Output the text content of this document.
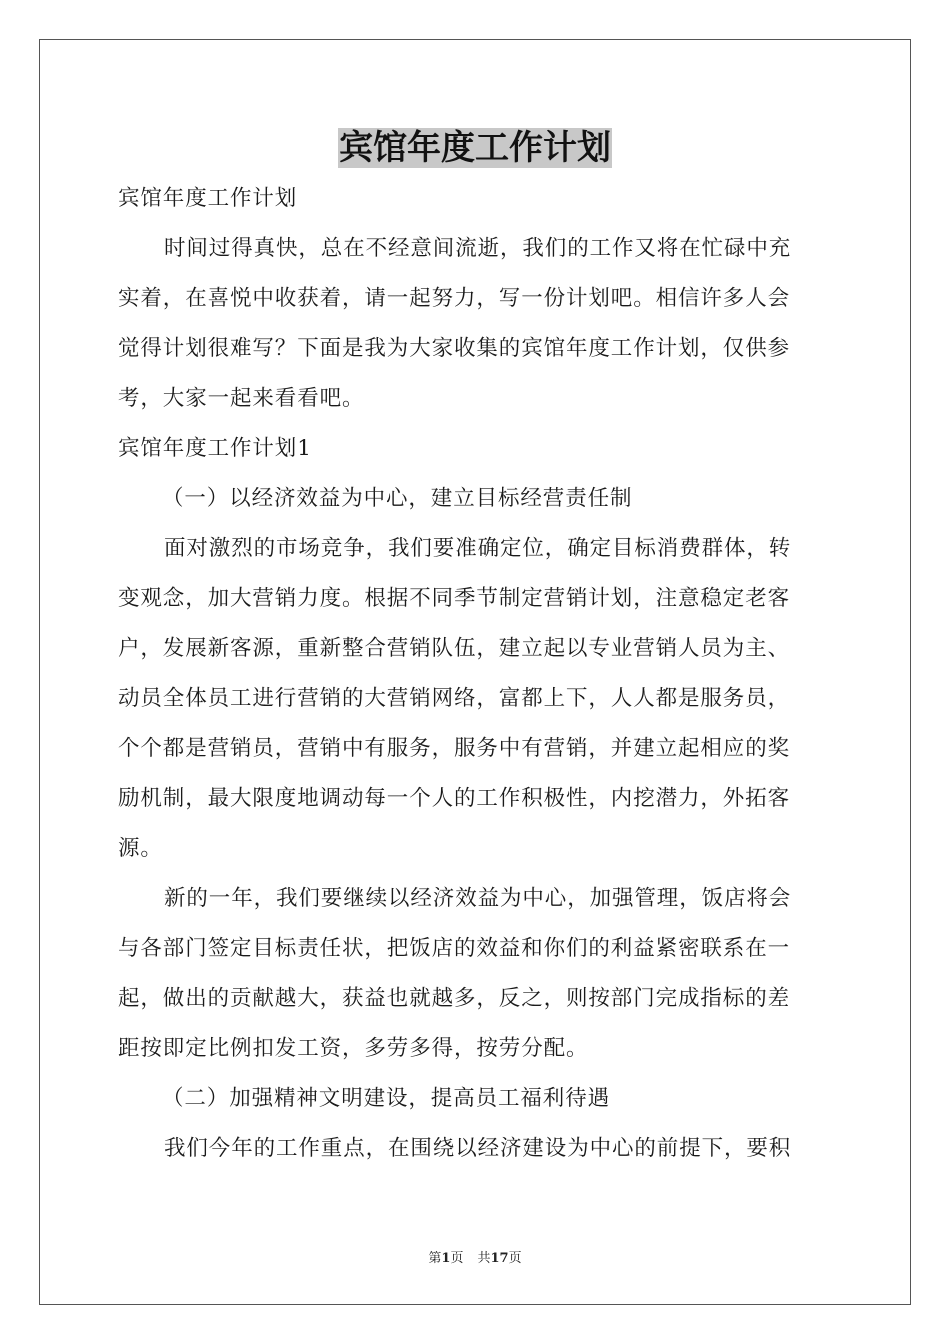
宾馆年度工作计划
宾馆年度工作计划
时间过得真快，总在不经意间流逝，我们的工作又将在忙碌中充
实着，在喜悦中收获着，请一起努力，写一份计划吧。相信许多人会
觉得计划很难写？下面是我为大家收集的宾馆年度工作计划，仅供参
考，大家一起来看看吧。
宾馆年度工作计划1
（一）以经济效益为中心，建立目标经营责任制
面对激烈的市场竞争，我们要准确定位，确定目标消费群体，转
变观念，加大营销力度。根据不同季节制定营销计划，注意稳定老客
户，发展新客源，重新整合营销队伍，建立起以专业营销人员为主、
动员全体员工进行营销的大营销网络，富都上下，人人都是服务员，
个个都是营销员，营销中有服务，服务中有营销，并建立起相应的奖
励机制，最大限度地调动每一个人的工作积极性，内挖潜力，外拓客
源。
新的一年，我们要继续以经济效益为中心，加强管理，饭店将会
与各部门签定目标责任状，把饭店的效益和你们的利益紧密联系在一
起，做出的贡献越大，获益也就越多，反之，则按部门完成指标的差
距按即定比例扣发工资，多劳多得，按劳分配。
（二）加强精神文明建设，提高员工福利待遇
我们今年的工作重点，在围绕以经济建设为中心的前提下，要积
第1页 共17页
